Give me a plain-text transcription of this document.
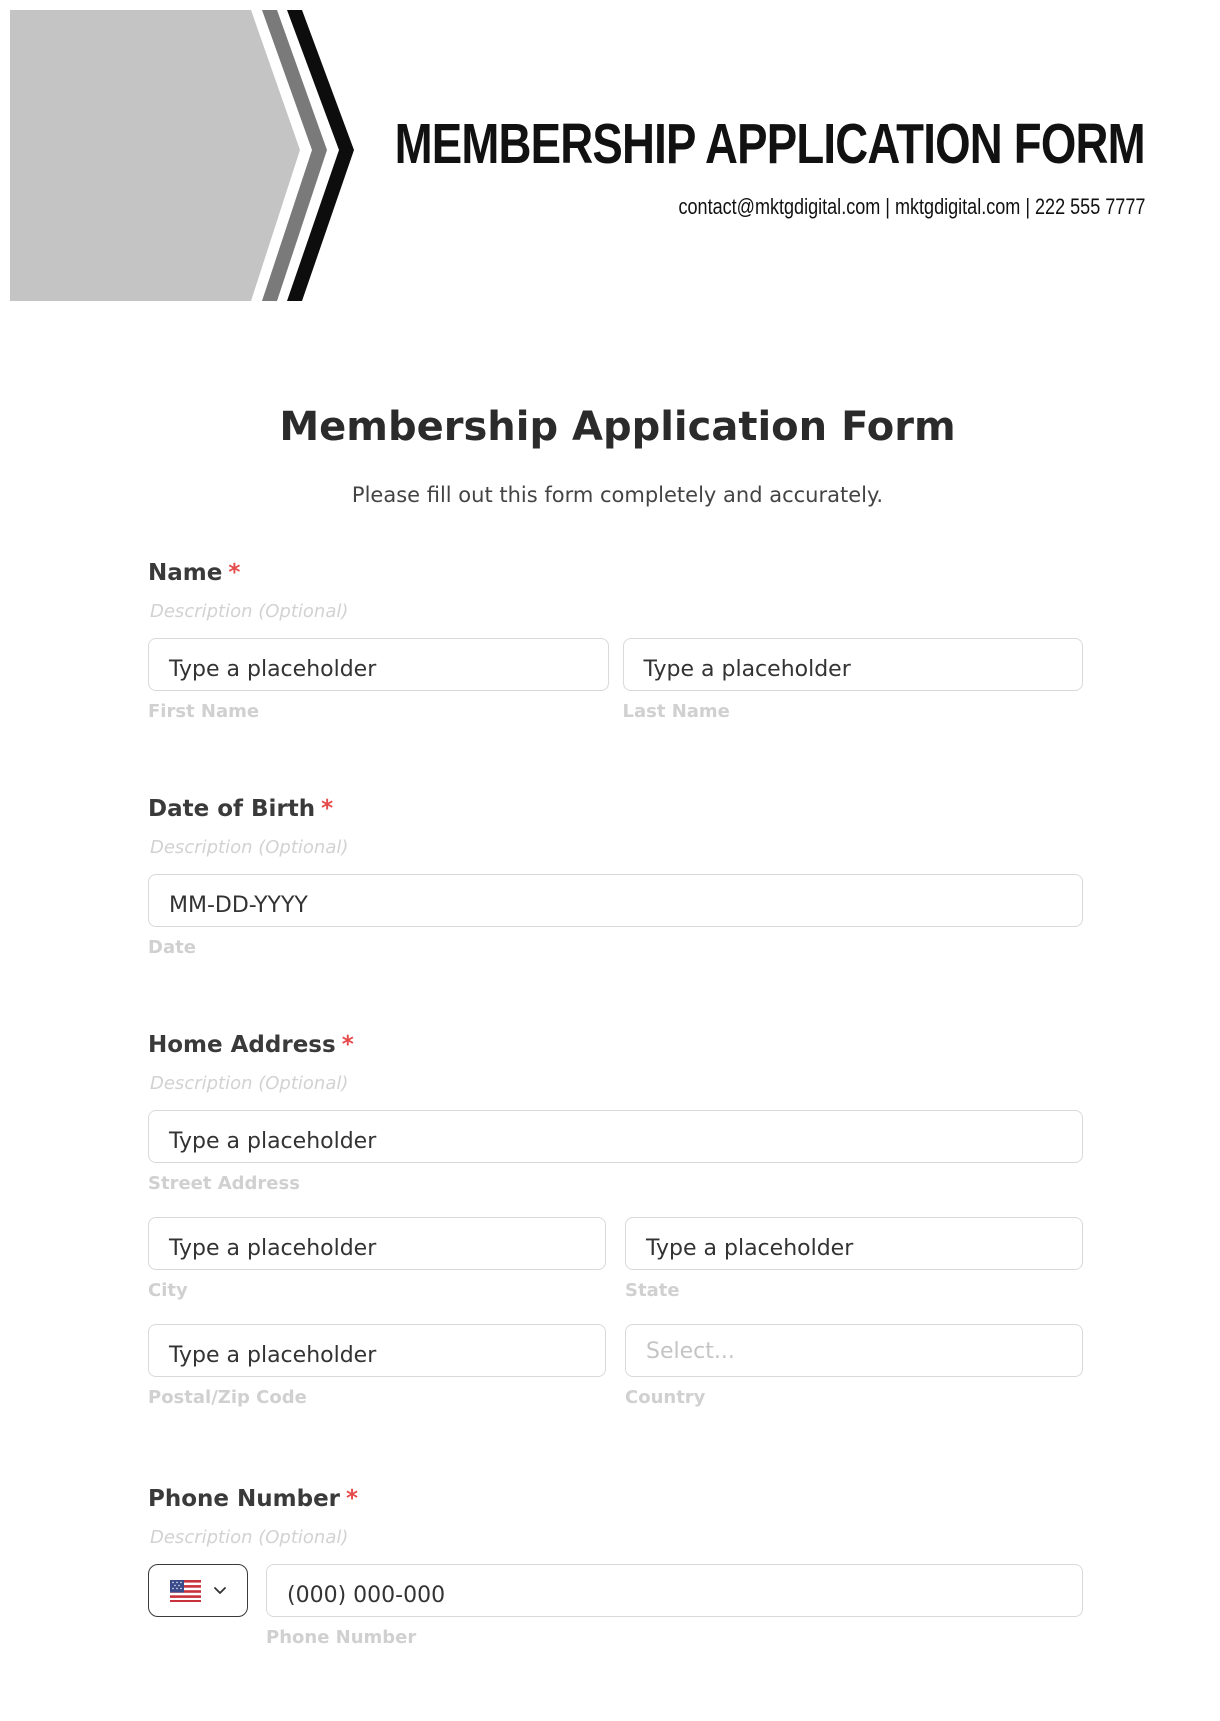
MEMBERSHIP APPLICATION FORM
contact@mktgdigital.com | mktgdigital.com | 222 555 7777
Membership Application Form
Please fill out this form completely and accurately.
Name *
Description (Optional)
Type a placeholder
First Name
Type a placeholder
Last Name
Date of Birth *
Description (Optional)
MM-DD-YYYY
Date
Home Address *
Description (Optional)
Type a placeholder
Street Address
Type a placeholder
City
Type a placeholder
State
Type a placeholder
Postal/Zip Code
Select...
Country
Phone Number *
Description (Optional)
(000) 000-000
Phone Number
